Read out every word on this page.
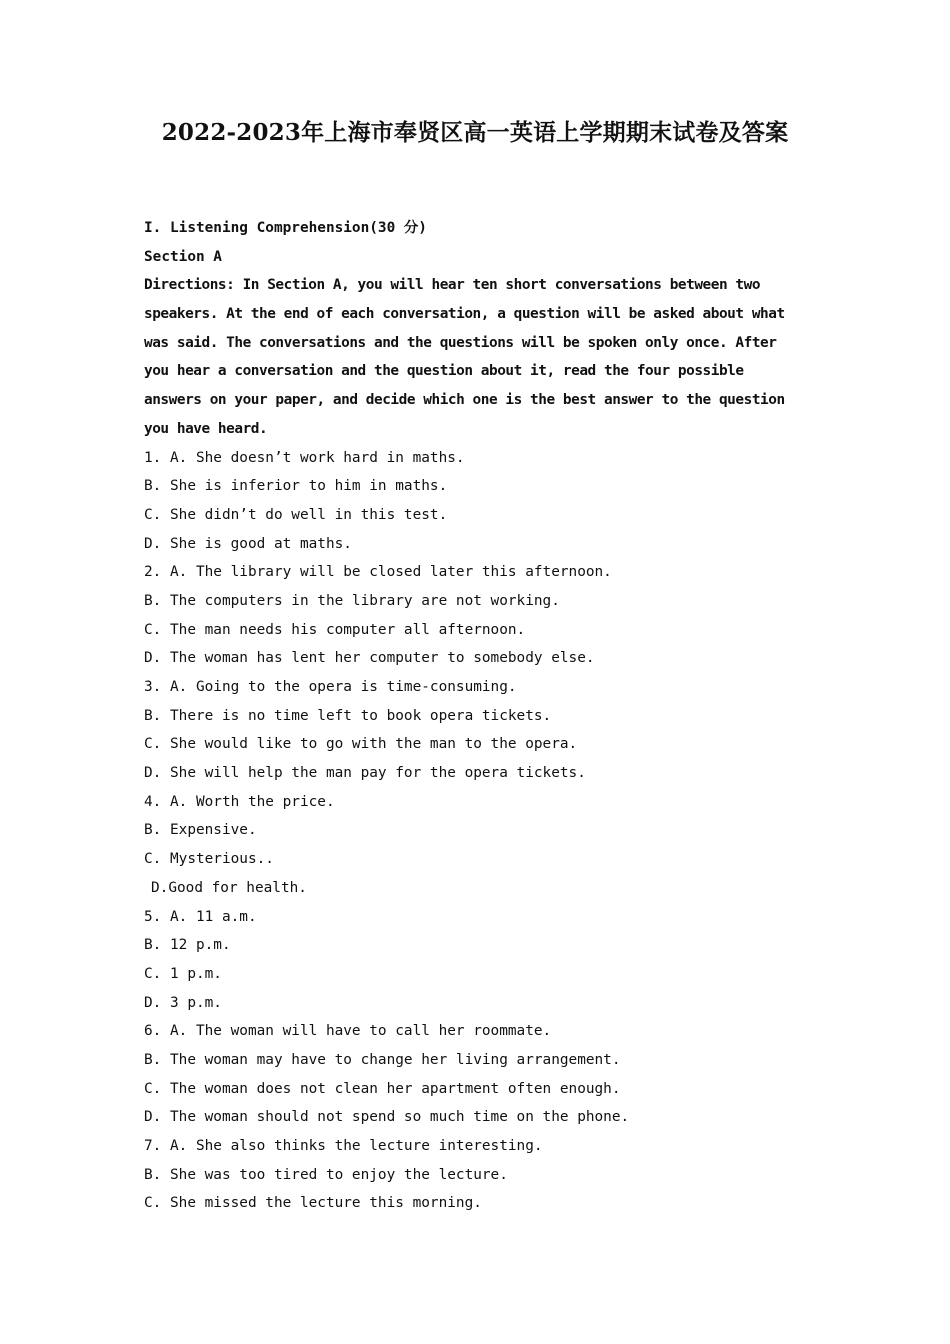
2022-2023年上海市奉贤区高一英语上学期期末试卷及答案
I. Listening Comprehension(30 分)
Section A
Directions: In Section A, you will hear ten short conversations between two
speakers. At the end of each conversation, a question will be asked about what
was said. The conversations and the questions will be spoken only once. After
you hear a conversation and the question about it, read the four possible
answers on your paper, and decide which one is the best answer to the question
you have heard.
1. A. She doesn’t work hard in maths.
B. She is inferior to him in maths.
C. She didn’t do well in this test.
D. She is good at maths.
2. A. The library will be closed later this afternoon.
B. The computers in the library are not working.
C. The man needs his computer all afternoon.
D. The woman has lent her computer to somebody else.
3. A. Going to the opera is time-consuming.
B. There is no time left to book opera tickets.
C. She would like to go with the man to the opera.
D. She will help the man pay for the opera tickets.
4. A. Worth the price.
B. Expensive.
C. Mysterious..
D.Good for health.
5. A. 11 a.m.
B. 12 p.m.
C. 1 p.m.
D. 3 p.m.
6. A. The woman will have to call her roommate.
B. The woman may have to change her living arrangement.
C. The woman does not clean her apartment often enough.
D. The woman should not spend so much time on the phone.
7. A. She also thinks the lecture interesting.
B. She was too tired to enjoy the lecture.
C. She missed the lecture this morning.
